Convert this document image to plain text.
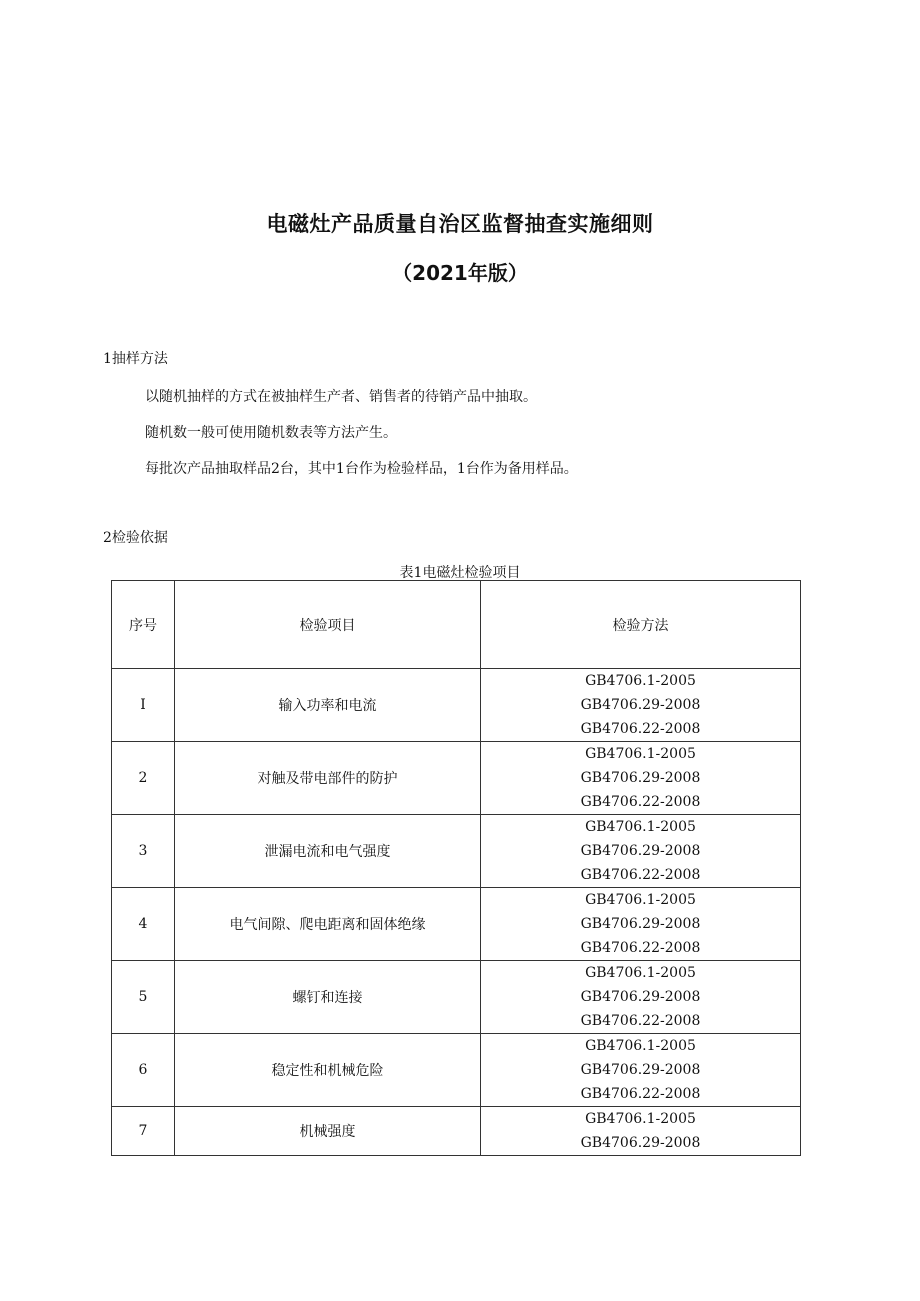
电磁灶产品质量自治区监督抽查实施细则
（2021年版）
1抽样方法
以随机抽样的方式在被抽样生产者、销售者的待销产品中抽取。
随机数一般可使用随机数表等方法产生。
每批次产品抽取样品2台，其中1台作为检验样品，1台作为备用样品。
2检验依据
表1电磁灶检验项目
序号	检验项目	检验方法
I	输入功率和电流	GB4706.1-2005
GB4706.29-2008
GB4706.22-2008

2	对触及带电部件的防护	GB4706.1-2005
GB4706.29-2008
GB4706.22-2008

3	泄漏电流和电气强度	GB4706.1-2005
GB4706.29-2008
GB4706.22-2008

4	电气间隙、爬电距离和固体绝缘	GB4706.1-2005
GB4706.29-2008
GB4706.22-2008

5	螺钉和连接	GB4706.1-2005
GB4706.29-2008
GB4706.22-2008

6	稳定性和机械危险	GB4706.1-2005
GB4706.29-2008
GB4706.22-2008

7	机械强度	GB4706.1-2005
GB4706.29-2008
